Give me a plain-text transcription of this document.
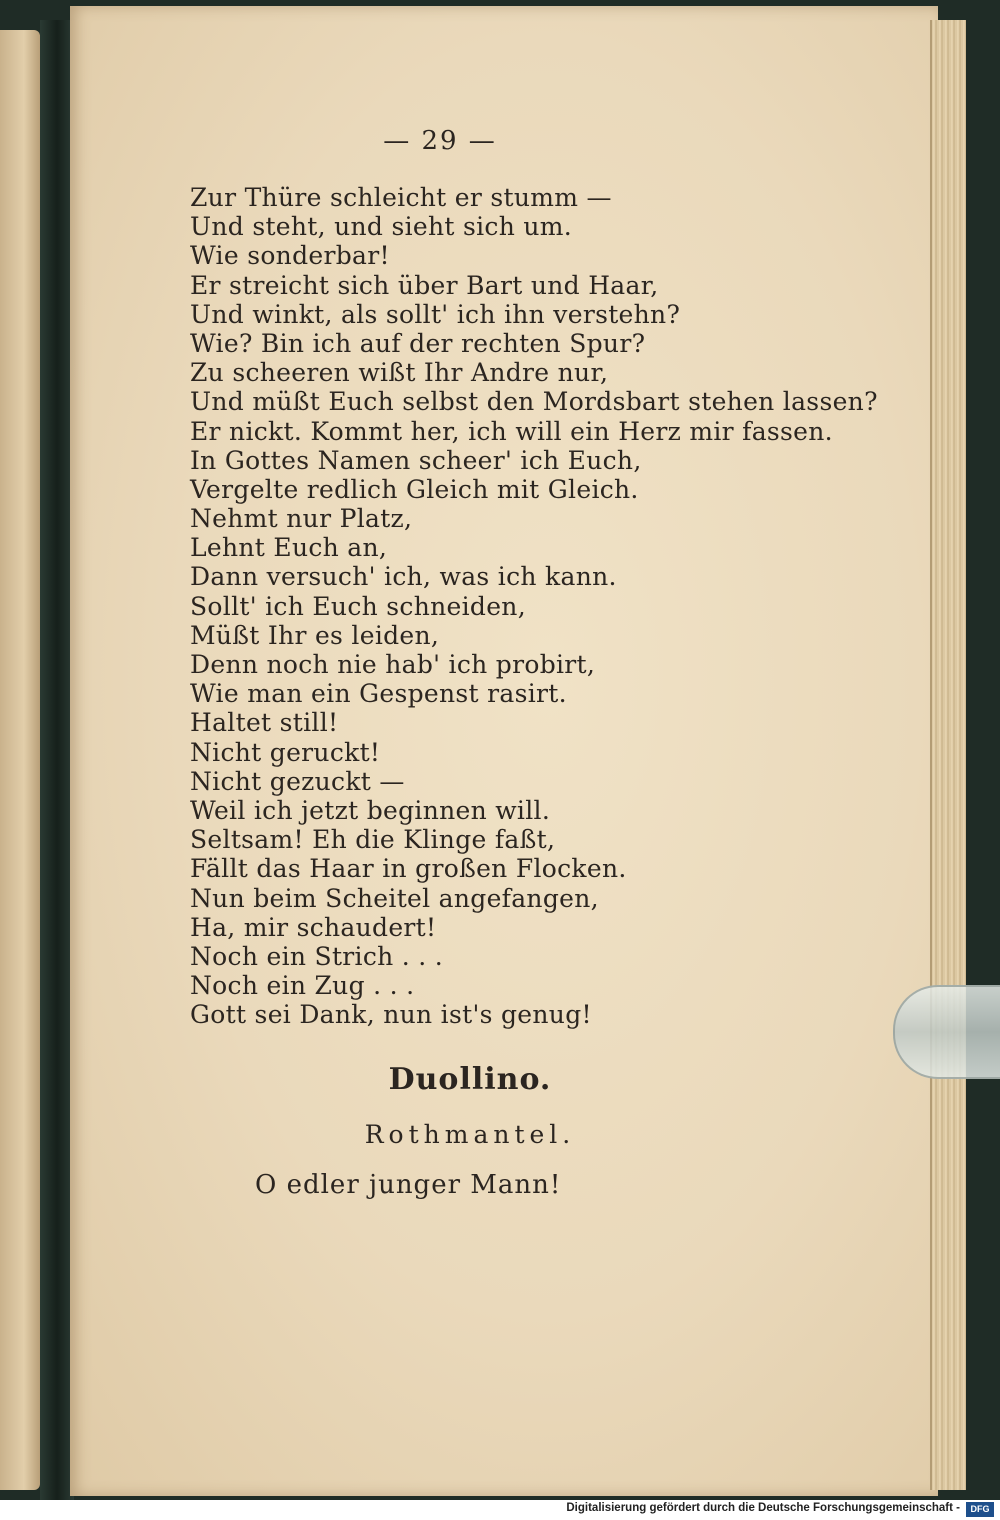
— 29 —
Zur Thüre schleicht er stumm —
Und steht, und sieht sich um.
Wie sonderbar!
Er streicht sich über Bart und Haar,
Und winkt, als sollt' ich ihn verstehn?
Wie? Bin ich auf der rechten Spur?
Zu scheeren wißt Ihr Andre nur,
Und müßt Euch selbst den Mordsbart stehen lassen?
Er nickt. Kommt her, ich will ein Herz mir fassen.
In Gottes Namen scheer' ich Euch,
Vergelte redlich Gleich mit Gleich.
Nehmt nur Platz,
Lehnt Euch an,
Dann versuch' ich, was ich kann.
Sollt' ich Euch schneiden,
Müßt Ihr es leiden,
Denn noch nie hab' ich probirt,
Wie man ein Gespenst rasirt.
Haltet still!
Nicht geruckt!
Nicht gezuckt —
Weil ich jetzt beginnen will.
Seltsam! Eh die Klinge faßt,
Fällt das Haar in großen Flocken.
Nun beim Scheitel angefangen,
Ha, mir schaudert!
Noch ein Strich . . .
Noch ein Zug . . .
Gott sei Dank, nun ist's genug!
Duollino.
Rothmantel.
O edler junger Mann!
Digitalisierung gefördert durch die Deutsche Forschungsgemeinschaft -	DFG
